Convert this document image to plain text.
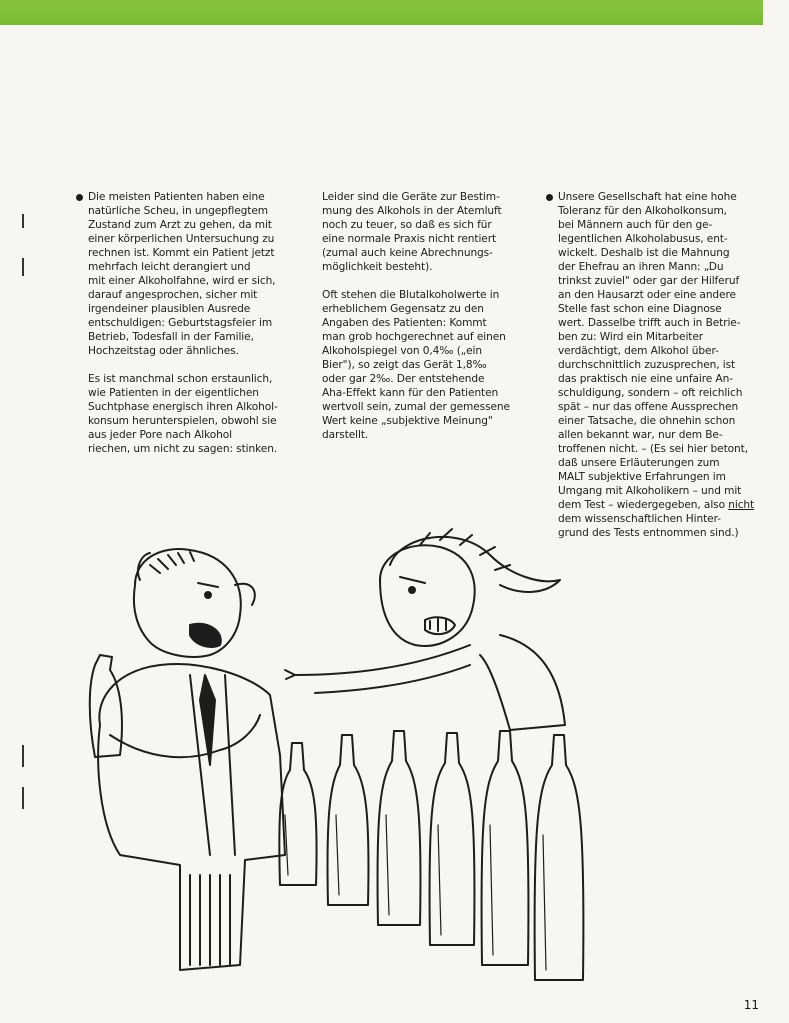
Die meisten Patienten haben eine
natürliche Scheu, in ungepflegtem
Zustand zum Arzt zu gehen, da mit
einer körperlichen Untersuchung zu
rechnen ist. Kommt ein Patient jetzt
mehrfach leicht derangiert und
mit einer Alkoholfahne, wird er sich,
darauf angesprochen, sicher mit
irgendeiner plausiblen Ausrede
entschuldigen: Geburtstagsfeier im
Betrieb, Todesfall in der Familie,
Hochzeitstag oder ähnliches.

Es ist manchmal schon erstaunlich,
wie Patienten in der eigentlichen
Suchtphase energisch ihren Alkohol-
konsum herunterspielen, obwohl sie
aus jeder Pore nach Alkohol
riechen, um nicht zu sagen: stinken.

Leider sind die Geräte zur Bestim-
mung des Alkohols in der Atemluft
noch zu teuer, so daß es sich für
eine normale Praxis nicht rentiert
(zumal auch keine Abrechnungs-
möglichkeit besteht).

Oft stehen die Blutalkoholwerte in
erheblichem Gegensatz zu den
Angaben des Patienten: Kommt
man grob hochgerechnet auf einen
Alkoholspiegel von 0,4‰ („ein
Bier"), so zeigt das Gerät 1,8‰
oder gar 2‰. Der entstehende
Aha-Effekt kann für den Patienten
wertvoll sein, zumal der gemessene
Wert keine „subjektive Meinung"
darstellt.

Unsere Gesellschaft hat eine hohe
Toleranz für den Alkoholkonsum,
bei Männern auch für den ge-
legentlichen Alkoholabusus, ent-
wickelt. Deshalb ist die Mahnung
der Ehefrau an ihren Mann: „Du
trinkst zuviel" oder gar der Hilferuf
an den Hausarzt oder eine andere
Stelle fast schon eine Diagnose
wert. Dasselbe trifft auch in Betrie-
ben zu: Wird ein Mitarbeiter
verdächtigt, dem Alkohol über-
durchschnittlich zuzusprechen, ist
das praktisch nie eine unfaire An-
schuldigung, sondern – oft reichlich
spät – nur das offene Aussprechen
einer Tatsache, die ohnehin schon
allen bekannt war, nur dem Be-
troffenen nicht. – (Es sei hier betont,
daß unsere Erläuterungen zum
MALT subjektive Erfahrungen im
Umgang mit Alkoholikern – und mit
dem Test – wiedergegeben, also nicht
dem wissenschaftlichen Hinter-
grund des Tests entnommen sind.)

11
